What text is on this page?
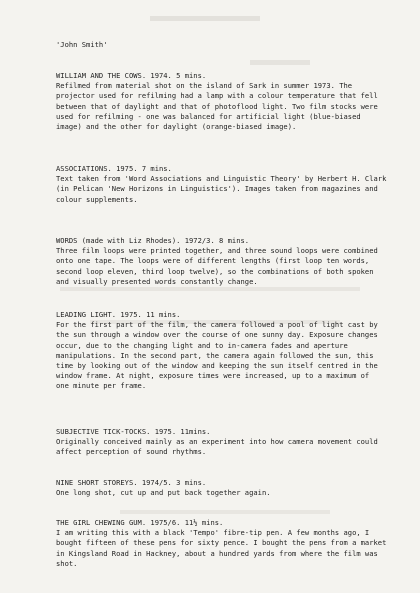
'John Smith'
WILLIAM AND THE COWS. 1974. 5 mins.
Refilmed from material shot on the island of Sark in summer 1973. The
projector used for refilming had a lamp with a colour temperature that fell
between that of daylight and that of photoflood light. Two film stocks were
used for refilming - one was balanced for artificial light (blue-biased
image) and the other for daylight (orange-biased image).
ASSOCIATIONS. 1975. 7 mins.
Text taken from 'Word Associations and Linguistic Theory' by Herbert H. Clark
(in Pelican 'New Horizons in Linguistics'). Images taken from magazines and
colour supplements.
WORDS (made with Liz Rhodes). 1972/3. 8 mins.
Three film loops were printed together, and three sound loops were combined
onto one tape. The loops were of different lengths (first loop ten words,
second loop eleven, third loop twelve), so the combinations of both spoken
and visually presented words constantly change.
LEADING LIGHT. 1975. 11 mins.
For the first part of the film, the camera followed a pool of light cast by
the sun through a window over the course of one sunny day. Exposure changes
occur, due to the changing light and to in-camera fades and aperture
manipulations. In the second part, the camera again followed the sun, this
time by looking out of the window and keeping the sun itself centred in the
window frame. At night, exposure times were increased, up to a maximum of
one minute per frame.
SUBJECTIVE TICK-TOCKS. 1975. 11mins.
Originally conceived mainly as an experiment into how camera movement could
affect perception of sound rhythms.
NINE SHORT STOREYS. 1974/5. 3 mins.
One long shot, cut up and put back together again.
THE GIRL CHEWING GUM. 1975/6. 11½ mins.
I am writing this with a black 'Tempo' fibre-tip pen. A few months ago, I
bought fifteen of these pens for sixty pence. I bought the pens from a market
in Kingsland Road in Hackney, about a hundred yards from where the film was
shot.
